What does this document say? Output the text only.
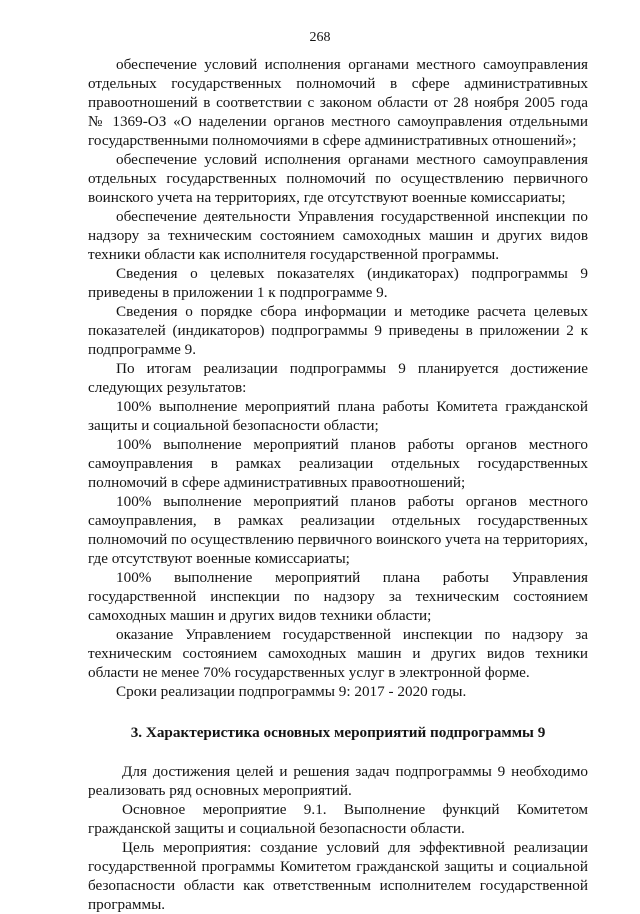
268

обеспечение условий исполнения органами местного самоуправления отдельных государственных полномочий в сфере административных правоотношений в соответствии с законом области от 28 ноября 2005 года № 1369-ОЗ «О наделении органов местного самоуправления отдельными государственными полномочиями в сфере административных отношений»;

обеспечение условий исполнения органами местного самоуправления отдельных государственных полномочий по осуществлению первичного воинского учета на территориях, где отсутствуют военные комиссариаты;

обеспечение деятельности Управления государственной инспекции по надзору за техническим состоянием самоходных машин и других видов техники области как исполнителя государственной программы.

Сведения о целевых показателях (индикаторах) подпрограммы 9 приведены в приложении 1 к подпрограмме 9.

Сведения о порядке сбора информации и методике расчета целевых показателей (индикаторов) подпрограммы 9 приведены в приложении 2 к подпрограмме 9.

По итогам реализации подпрограммы 9 планируется достижение следующих результатов:

100% выполнение мероприятий плана работы Комитета гражданской защиты и социальной безопасности области;

100% выполнение мероприятий планов работы органов местного самоуправления в рамках реализации отдельных государственных полномочий в сфере административных правоотношений;

100% выполнение мероприятий планов работы органов местного самоуправления, в рамках реализации отдельных государственных полномочий по осуществлению первичного воинского учета на территориях, где отсутствуют военные комиссариаты;

100% выполнение мероприятий плана работы Управления государственной инспекции по надзору за техническим состоянием самоходных машин и других видов техники области;

оказание Управлением государственной инспекции по надзору за техническим состоянием самоходных машин и других видов техники области не менее 70% государственных услуг в электронной форме.

Сроки реализации подпрограммы 9: 2017 - 2020 годы.

3. Характеристика основных мероприятий подпрограммы 9

Для достижения целей и решения задач подпрограммы 9 необходимо реализовать ряд основных мероприятий.

Основное мероприятие 9.1. Выполнение функций Комитетом гражданской защиты и социальной безопасности области.

Цель мероприятия: создание условий для эффективной реализации государственной программы Комитетом гражданской защиты и социальной безопасности области как ответственным исполнителем государственной программы.
